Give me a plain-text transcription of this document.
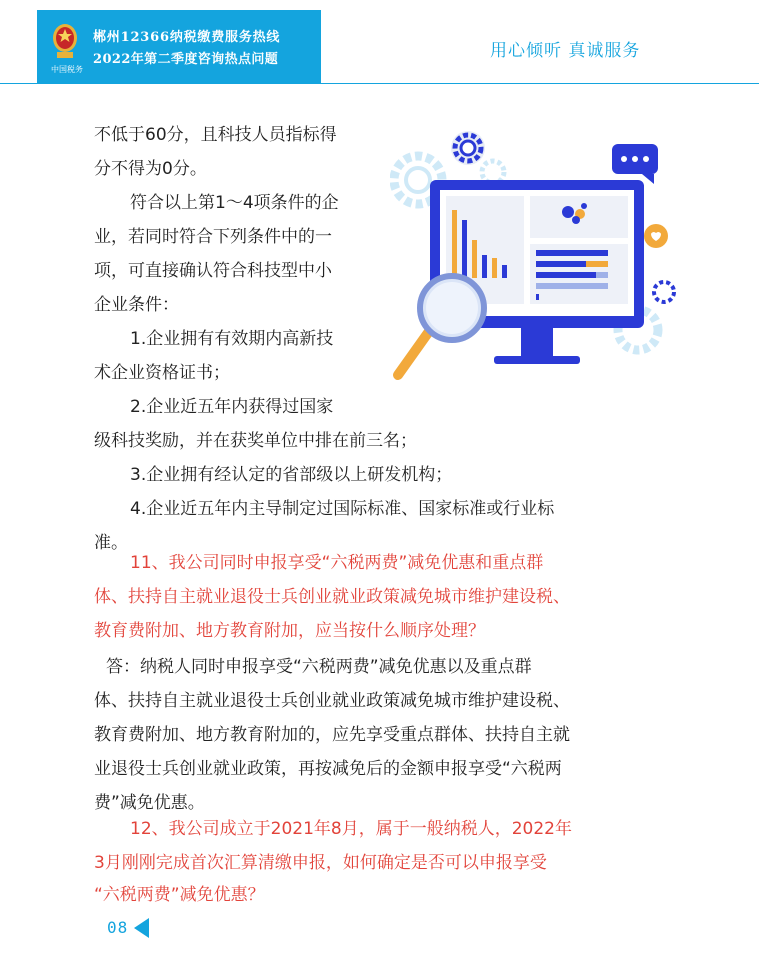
中国税务
郴州12366纳税缴费服务热线
2022年第二季度咨询热点问题	用心倾听 真诚服务
不低于60分，且科技人员指标得
分不得为0分。
符合以上第1～4项条件的企
业，若同时符合下列条件中的一
项，可直接确认符合科技型中小
企业条件：
1.企业拥有有效期内高新技
术企业资格证书；
2.企业近五年内获得过国家
级科技奖励，并在获奖单位中排在前三名；
3.企业拥有经认定的省部级以上研发机构；
4.企业近五年内主导制定过国际标准、国家标准或行业标
准。
11、我公司同时申报享受“六税两费”减免优惠和重点群
体、扶持自主就业退役士兵创业就业政策减免城市维护建设税、
教育费附加、地方教育附加，应当按什么顺序处理？
答：纳税人同时申报享受“六税两费”减免优惠以及重点群
体、扶持自主就业退役士兵创业就业政策减免城市维护建设税、
教育费附加、地方教育附加的，应先享受重点群体、扶持自主就
业退役士兵创业就业政策，再按减免后的金额申报享受“六税两
费”减免优惠。
12、我公司成立于2021年8月，属于一般纳税人，2022年
3月刚刚完成首次汇算清缴申报，如何确定是否可以申报享受
“六税两费”减免优惠？
08
